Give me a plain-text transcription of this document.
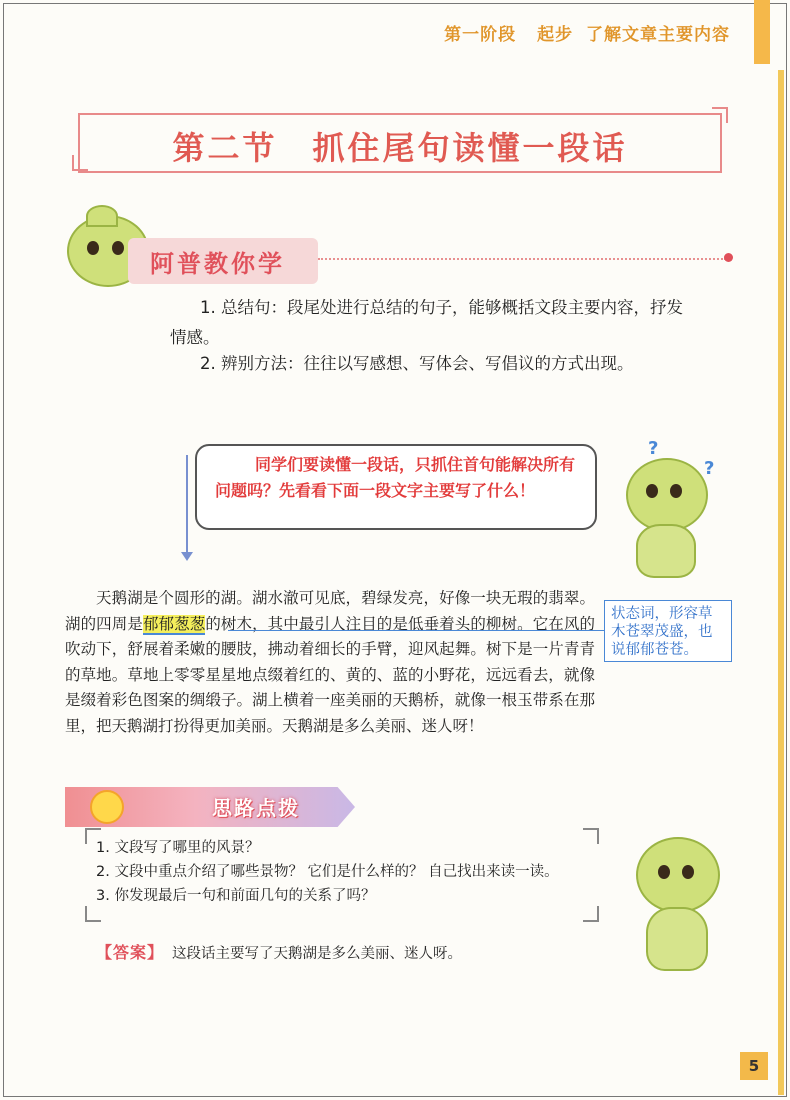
第一阶段 起步 了解文章主要内容
第二节　抓住尾句读懂一段话
阿普教你学
1. 总结句：段尾处进行总结的句子，能够概括文段主要内容，抒发
情感。
2. 辨别方法：往往以写感想、写体会、写倡议的方式出现。
同学们要读懂一段话，只抓住首句能解决所有问题吗？先看看下面一段文字主要写了什么！
?
?
天鹅湖是个圆形的湖。湖水澈可见底，碧绿发亮，好像一块无瑕的翡翠。湖的四周是郁郁葱葱的树木，其中最引人注目的是低垂着头的柳树。它在风的吹动下，舒展着柔嫩的腰肢，拂动着细长的手臂，迎风起舞。树下是一片青青的草地。草地上零零星星地点缀着红的、黄的、蓝的小野花，远远看去，就像是缀着彩色图案的绸缎子。湖上横着一座美丽的天鹅桥，就像一根玉带系在那里，把天鹅湖打扮得更加美丽。天鹅湖是多么美丽、迷人呀！
状态词，形容草木苍翠茂盛，也说郁郁苍苍。
思路点拨
1. 文段写了哪里的风景？
2. 文段中重点介绍了哪些景物？ 它们是什么样的？ 自己找出来读一读。
3. 你发现最后一句和前面几句的关系了吗？
【答案】 这段话主要写了天鹅湖是多么美丽、迷人呀。
5
